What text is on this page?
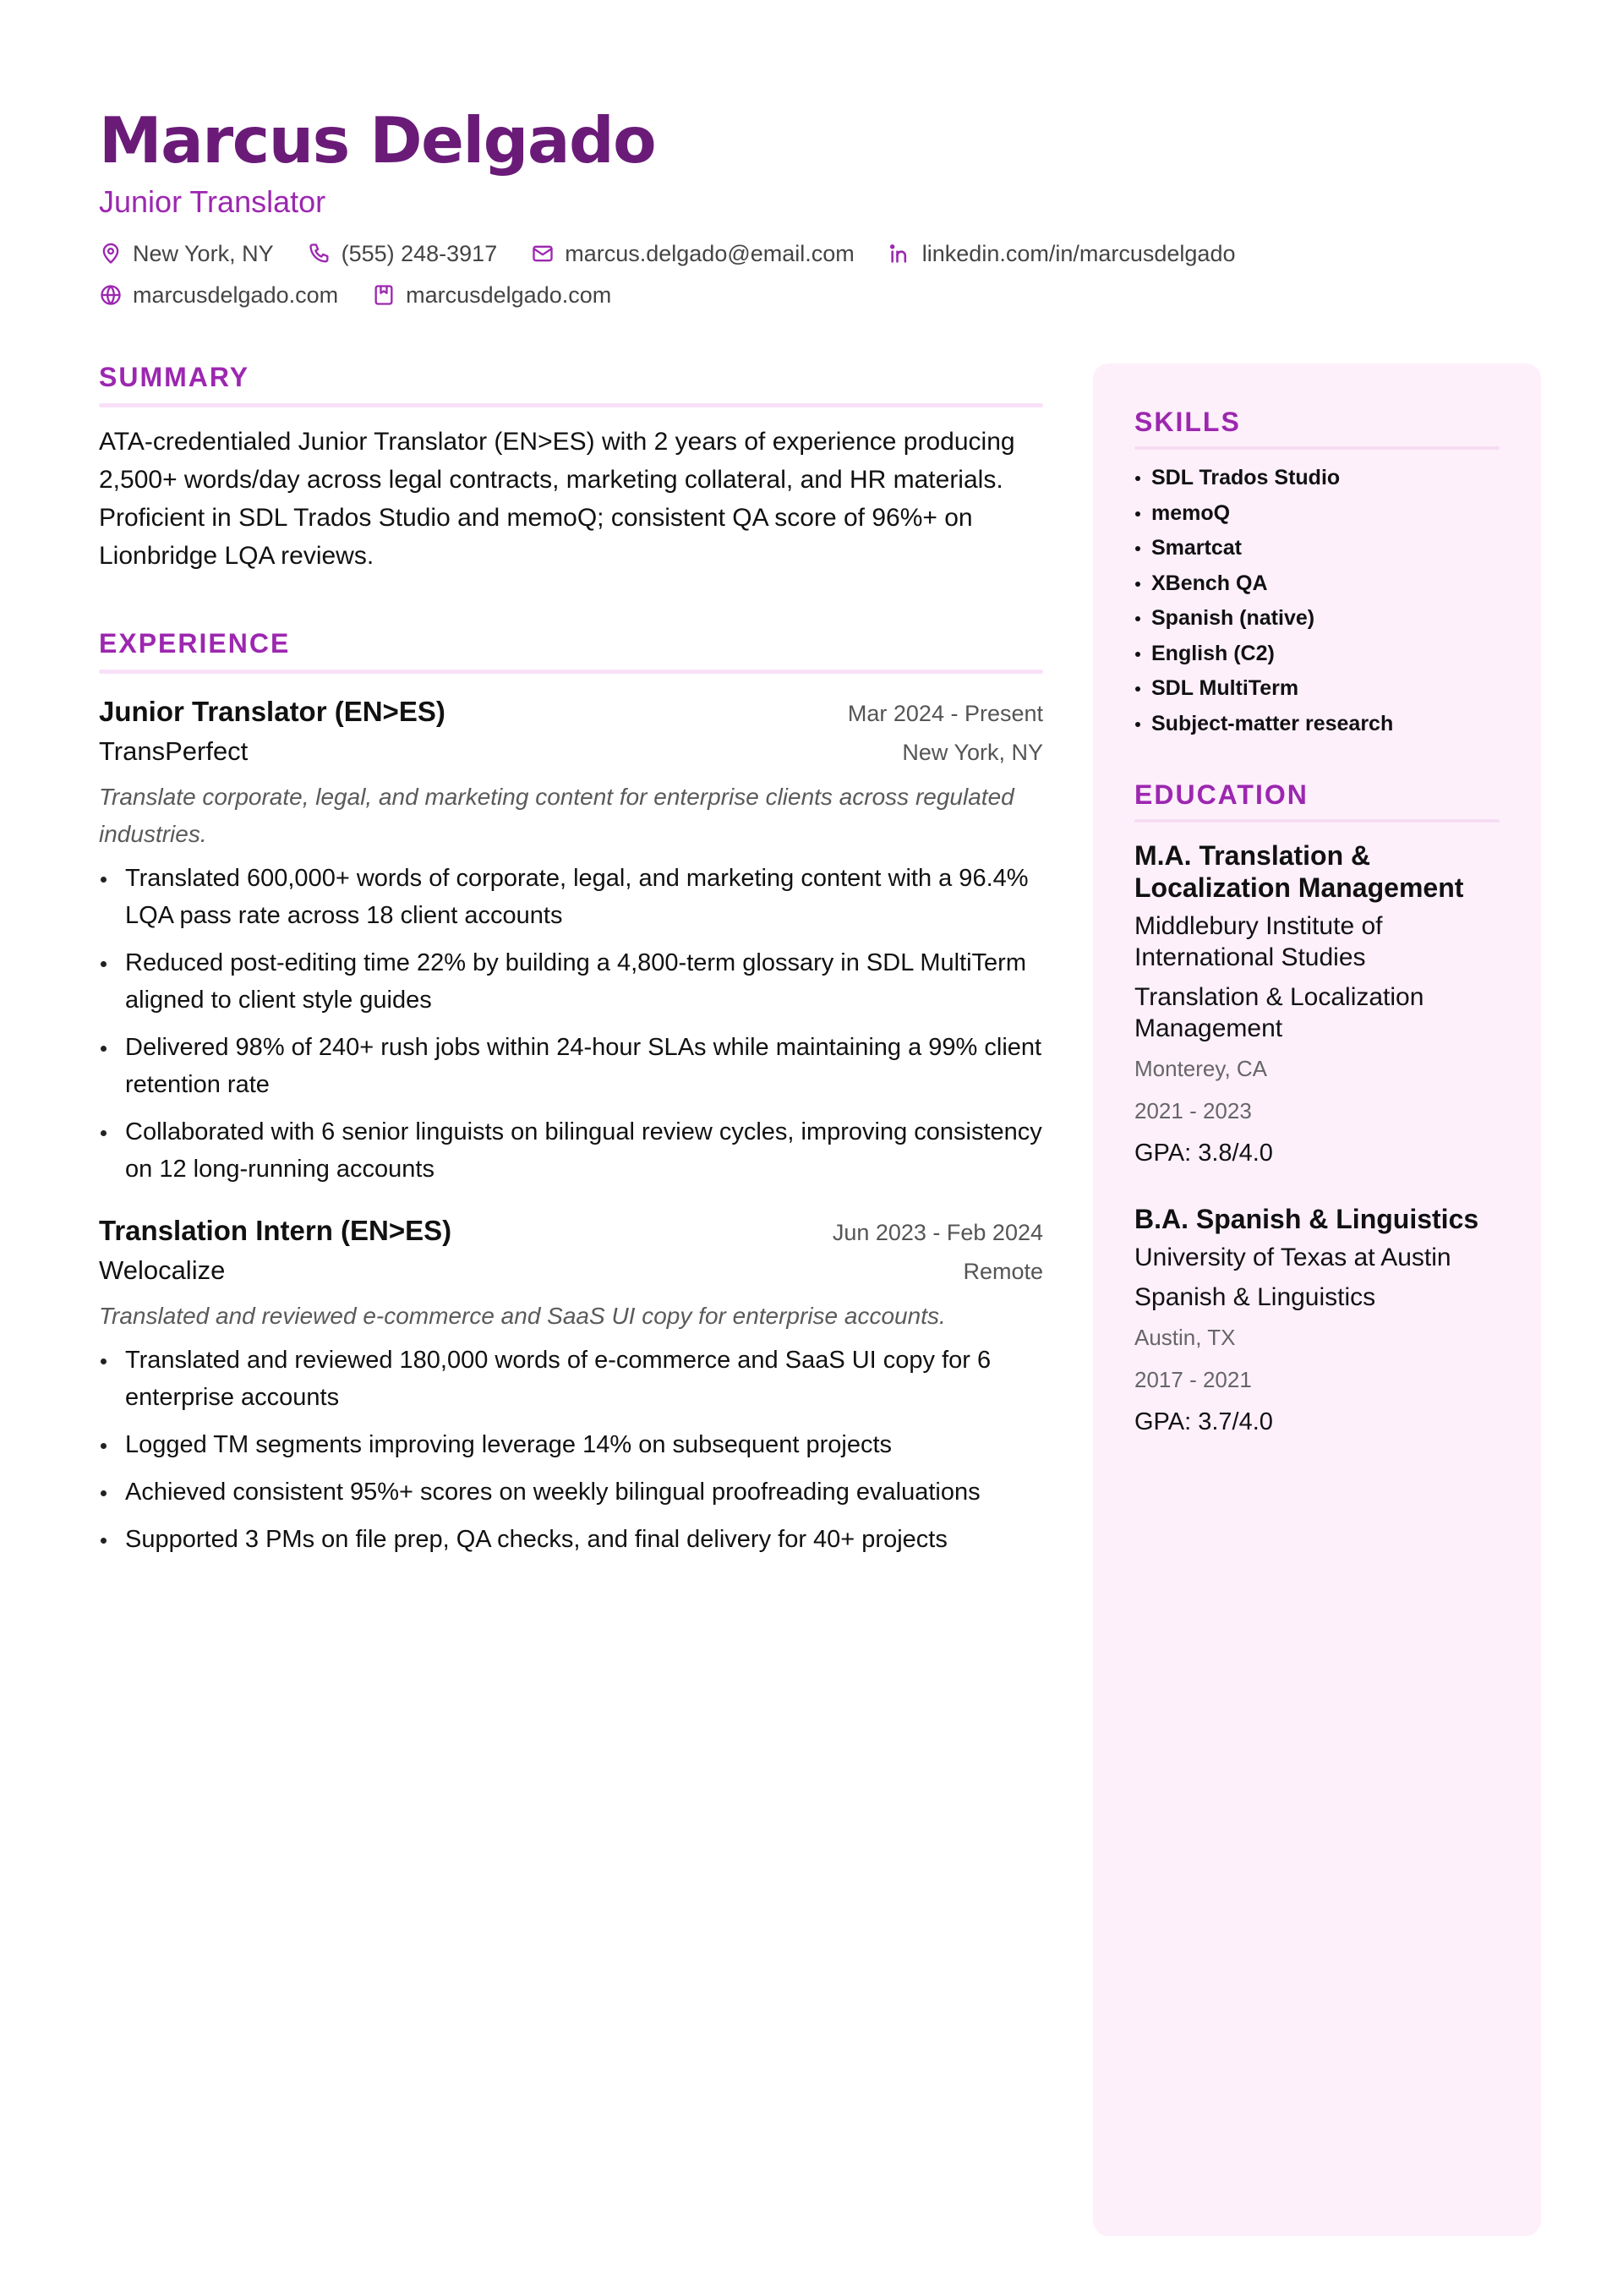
Marcus Delgado
Junior Translator
New York, NY	(555) 248-3917	marcus.delgado@email.com	linkedin.com/in/marcusdelgado
marcusdelgado.com	marcusdelgado.com
SUMMARY
ATA-credentialed Junior Translator (EN>ES) with 2 years of experience producing 2,500+ words/day across legal contracts, marketing collateral, and HR materials. Proficient in SDL Trados Studio and memoQ; consistent QA score of 96%+ on Lionbridge LQA reviews.
EXPERIENCE
Junior Translator (EN>ES)	Mar 2024 - Present
TransPerfect	New York, NY
Translate corporate, legal, and marketing content for enterprise clients across regulated industries.
Translated 600,000+ words of corporate, legal, and marketing content with a 96.4% LQA pass rate across 18 client accounts
Reduced post-editing time 22% by building a 4,800-term glossary in SDL MultiTerm aligned to client style guides
Delivered 98% of 240+ rush jobs within 24-hour SLAs while maintaining a 99% client retention rate
Collaborated with 6 senior linguists on bilingual review cycles, improving consistency on 12 long-running accounts
Translation Intern (EN>ES)	Jun 2023 - Feb 2024
Welocalize	Remote
Translated and reviewed e-commerce and SaaS UI copy for enterprise accounts.
Translated and reviewed 180,000 words of e-commerce and SaaS UI copy for 6 enterprise accounts
Logged TM segments improving leverage 14% on subsequent projects
Achieved consistent 95%+ scores on weekly bilingual proofreading evaluations
Supported 3 PMs on file prep, QA checks, and final delivery for 40+ projects
SKILLS
SDL Trados Studio
memoQ
Smartcat
XBench QA
Spanish (native)
English (C2)
SDL MultiTerm
Subject-matter research
EDUCATION
M.A. Translation & Localization Management
Middlebury Institute of International Studies
Translation & Localization Management
Monterey, CA
2021 - 2023
GPA: 3.8/4.0
B.A. Spanish & Linguistics
University of Texas at Austin
Spanish & Linguistics
Austin, TX
2017 - 2021
GPA: 3.7/4.0
